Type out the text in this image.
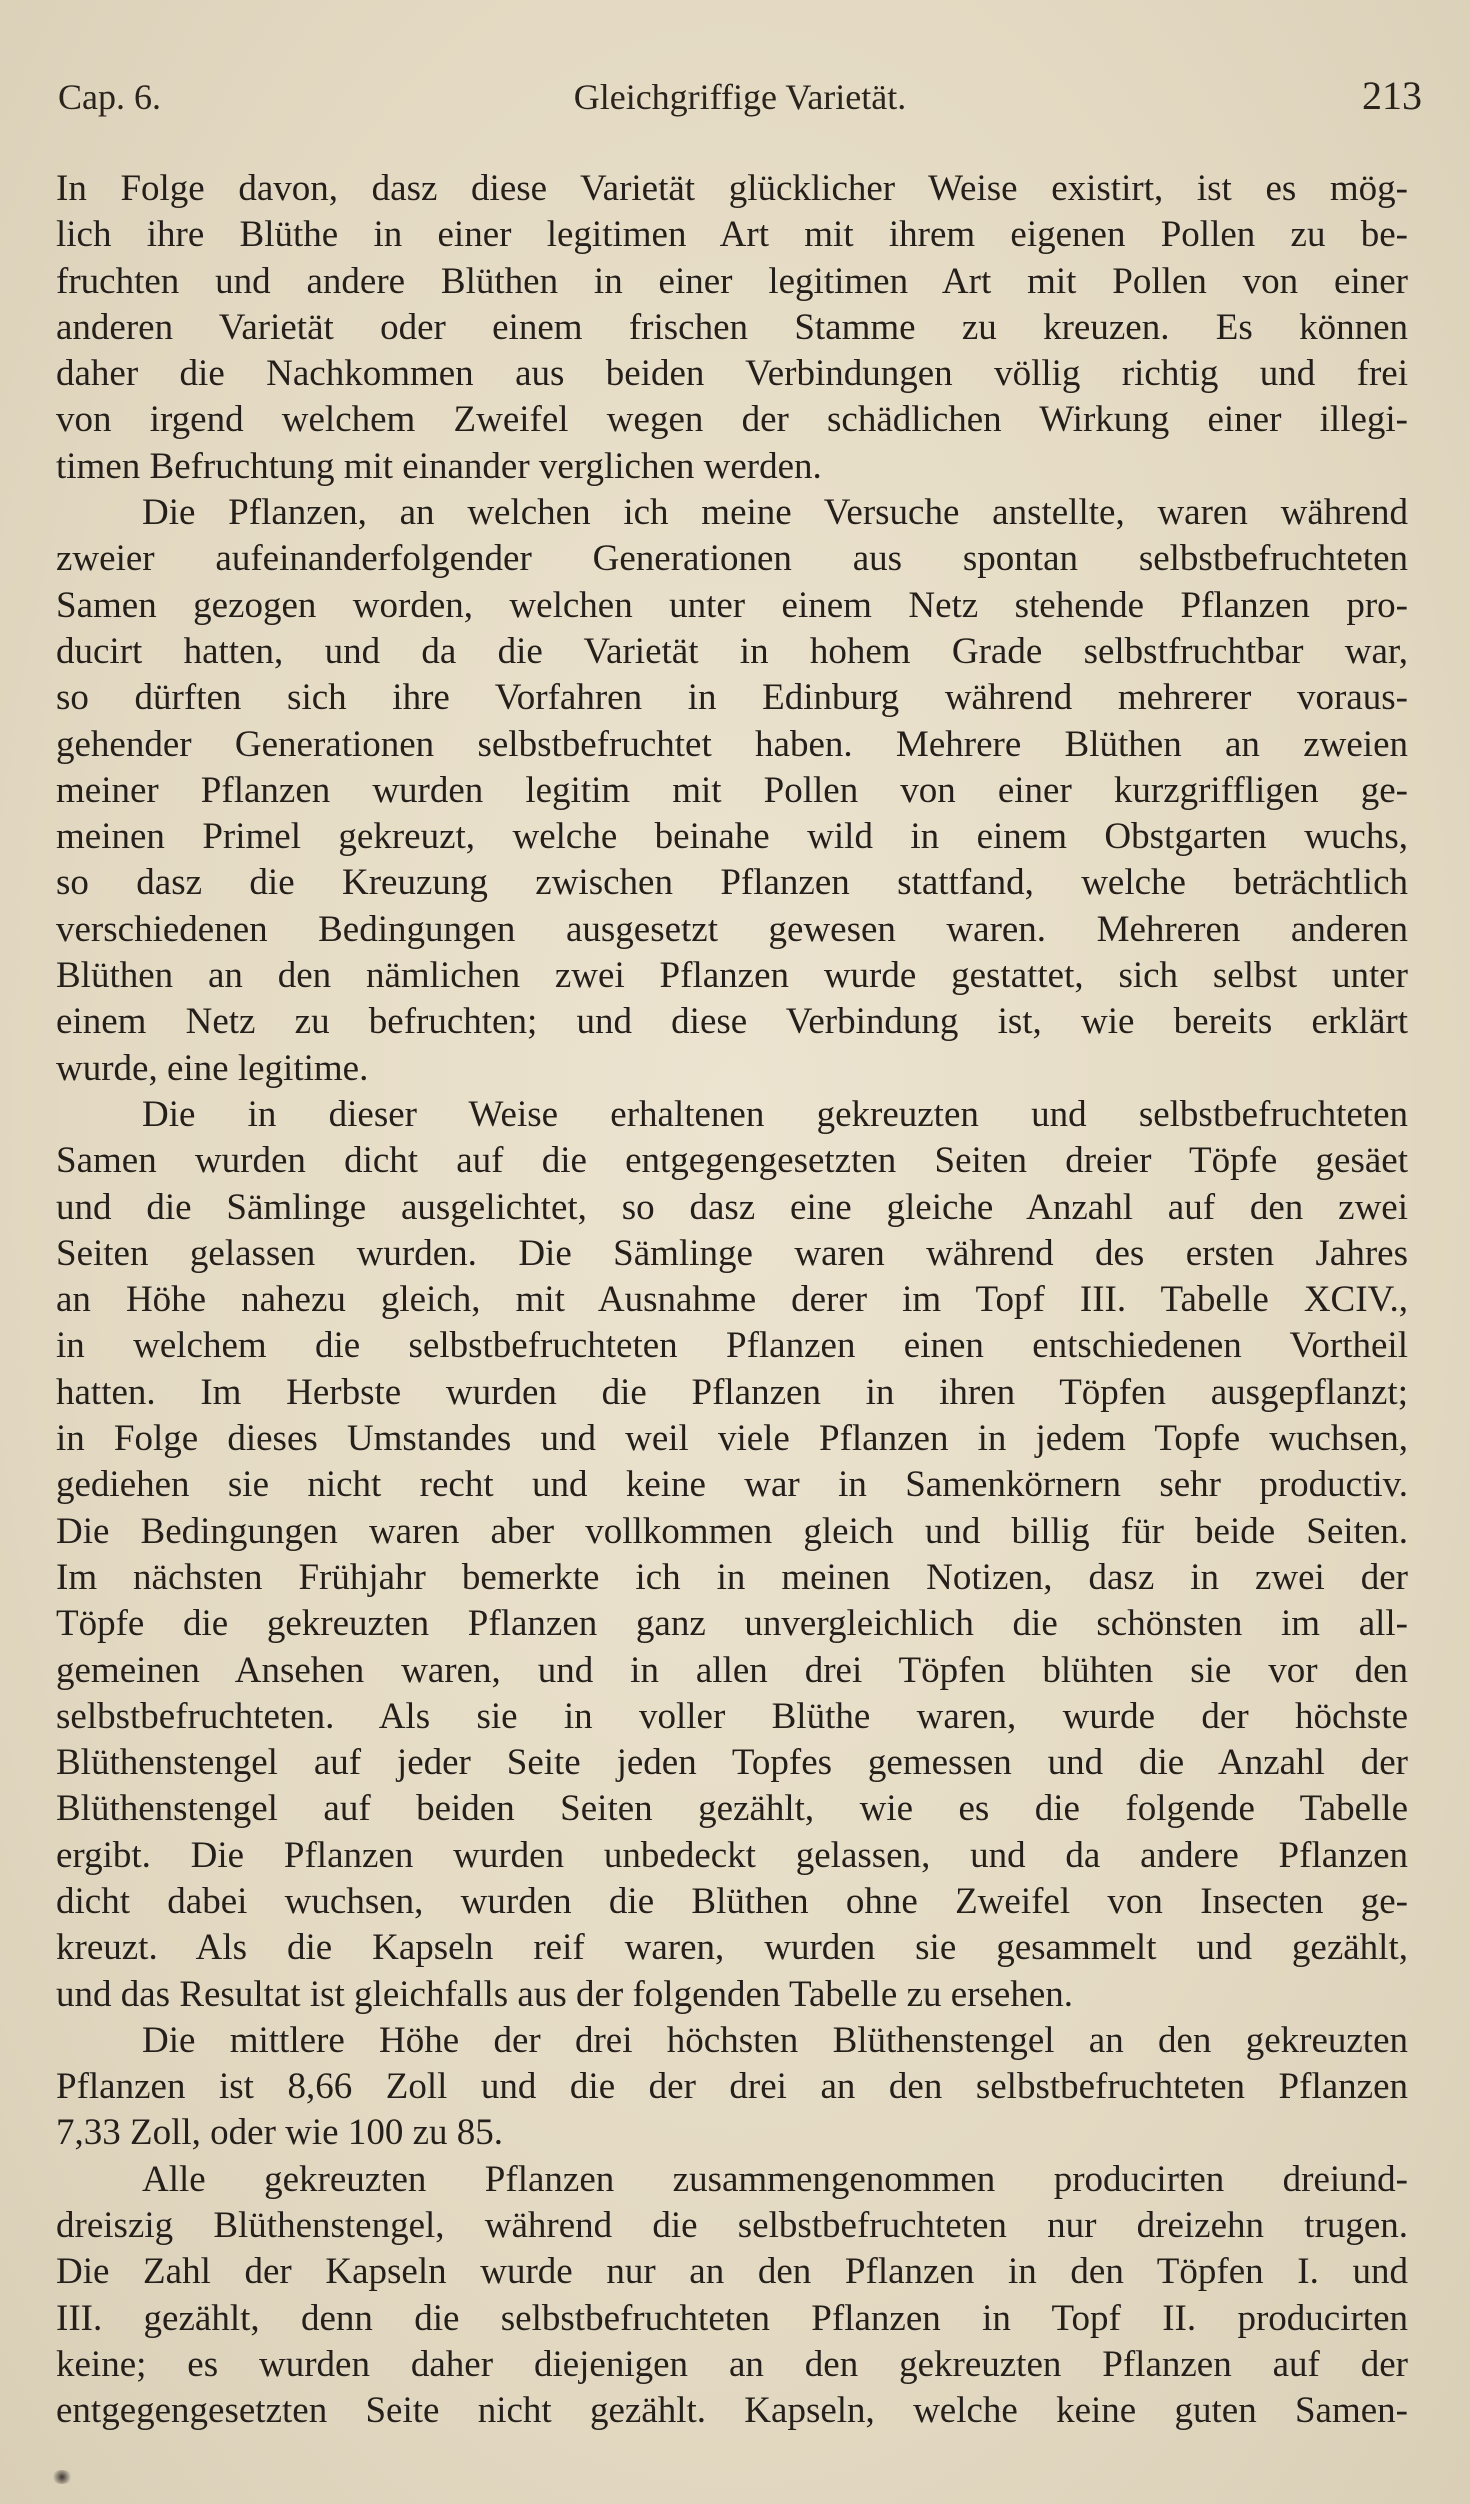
Cap. 6.	Gleichgriffige Varietät.	213
In Folge davon, dasz diese Varietät glücklicher Weise existirt, ist es mög-
lich ihre Blüthe in einer legitimen Art mit ihrem eigenen Pollen zu be-
fruchten und andere Blüthen in einer legitimen Art mit Pollen von einer
anderen Varietät oder einem frischen Stamme zu kreuzen. Es können
daher die Nachkommen aus beiden Verbindungen völlig richtig und frei
von irgend welchem Zweifel wegen der schädlichen Wirkung einer illegi-
timen Befruchtung mit einander verglichen werden.
Die Pflanzen, an welchen ich meine Versuche anstellte, waren während
zweier aufeinanderfolgender Generationen aus spontan selbstbefruchteten
Samen gezogen worden, welchen unter einem Netz stehende Pflanzen pro-
ducirt hatten, und da die Varietät in hohem Grade selbstfruchtbar war,
so dürften sich ihre Vorfahren in Edinburg während mehrerer voraus-
gehender Generationen selbstbefruchtet haben. Mehrere Blüthen an zweien
meiner Pflanzen wurden legitim mit Pollen von einer kurzgriffligen ge-
meinen Primel gekreuzt, welche beinahe wild in einem Obstgarten wuchs,
so dasz die Kreuzung zwischen Pflanzen stattfand, welche beträchtlich
verschiedenen Bedingungen ausgesetzt gewesen waren. Mehreren anderen
Blüthen an den nämlichen zwei Pflanzen wurde gestattet, sich selbst unter
einem Netz zu befruchten; und diese Verbindung ist, wie bereits erklärt
wurde, eine legitime.
Die in dieser Weise erhaltenen gekreuzten und selbstbefruchteten
Samen wurden dicht auf die entgegengesetzten Seiten dreier Töpfe gesäet
und die Sämlinge ausgelichtet, so dasz eine gleiche Anzahl auf den zwei
Seiten gelassen wurden. Die Sämlinge waren während des ersten Jahres
an Höhe nahezu gleich, mit Ausnahme derer im Topf III. Tabelle XCIV.,
in welchem die selbstbefruchteten Pflanzen einen entschiedenen Vortheil
hatten. Im Herbste wurden die Pflanzen in ihren Töpfen ausgepflanzt;
in Folge dieses Umstandes und weil viele Pflanzen in jedem Topfe wuchsen,
gediehen sie nicht recht und keine war in Samenkörnern sehr productiv.
Die Bedingungen waren aber vollkommen gleich und billig für beide Seiten.
Im nächsten Frühjahr bemerkte ich in meinen Notizen, dasz in zwei der
Töpfe die gekreuzten Pflanzen ganz unvergleichlich die schönsten im all-
gemeinen Ansehen waren, und in allen drei Töpfen blühten sie vor den
selbstbefruchteten. Als sie in voller Blüthe waren, wurde der höchste
Blüthenstengel auf jeder Seite jeden Topfes gemessen und die Anzahl der
Blüthenstengel auf beiden Seiten gezählt, wie es die folgende Tabelle
ergibt. Die Pflanzen wurden unbedeckt gelassen, und da andere Pflanzen
dicht dabei wuchsen, wurden die Blüthen ohne Zweifel von Insecten ge-
kreuzt. Als die Kapseln reif waren, wurden sie gesammelt und gezählt,
und das Resultat ist gleichfalls aus der folgenden Tabelle zu ersehen.
Die mittlere Höhe der drei höchsten Blüthenstengel an den gekreuzten
Pflanzen ist 8,66 Zoll und die der drei an den selbstbefruchteten Pflanzen
7,33 Zoll, oder wie 100 zu 85.
Alle gekreuzten Pflanzen zusammengenommen producirten dreiund-
dreiszig Blüthenstengel, während die selbstbefruchteten nur dreizehn trugen.
Die Zahl der Kapseln wurde nur an den Pflanzen in den Töpfen I. und
III. gezählt, denn die selbstbefruchteten Pflanzen in Topf II. producirten
keine; es wurden daher diejenigen an den gekreuzten Pflanzen auf der
entgegengesetzten Seite nicht gezählt. Kapseln, welche keine guten Samen-
